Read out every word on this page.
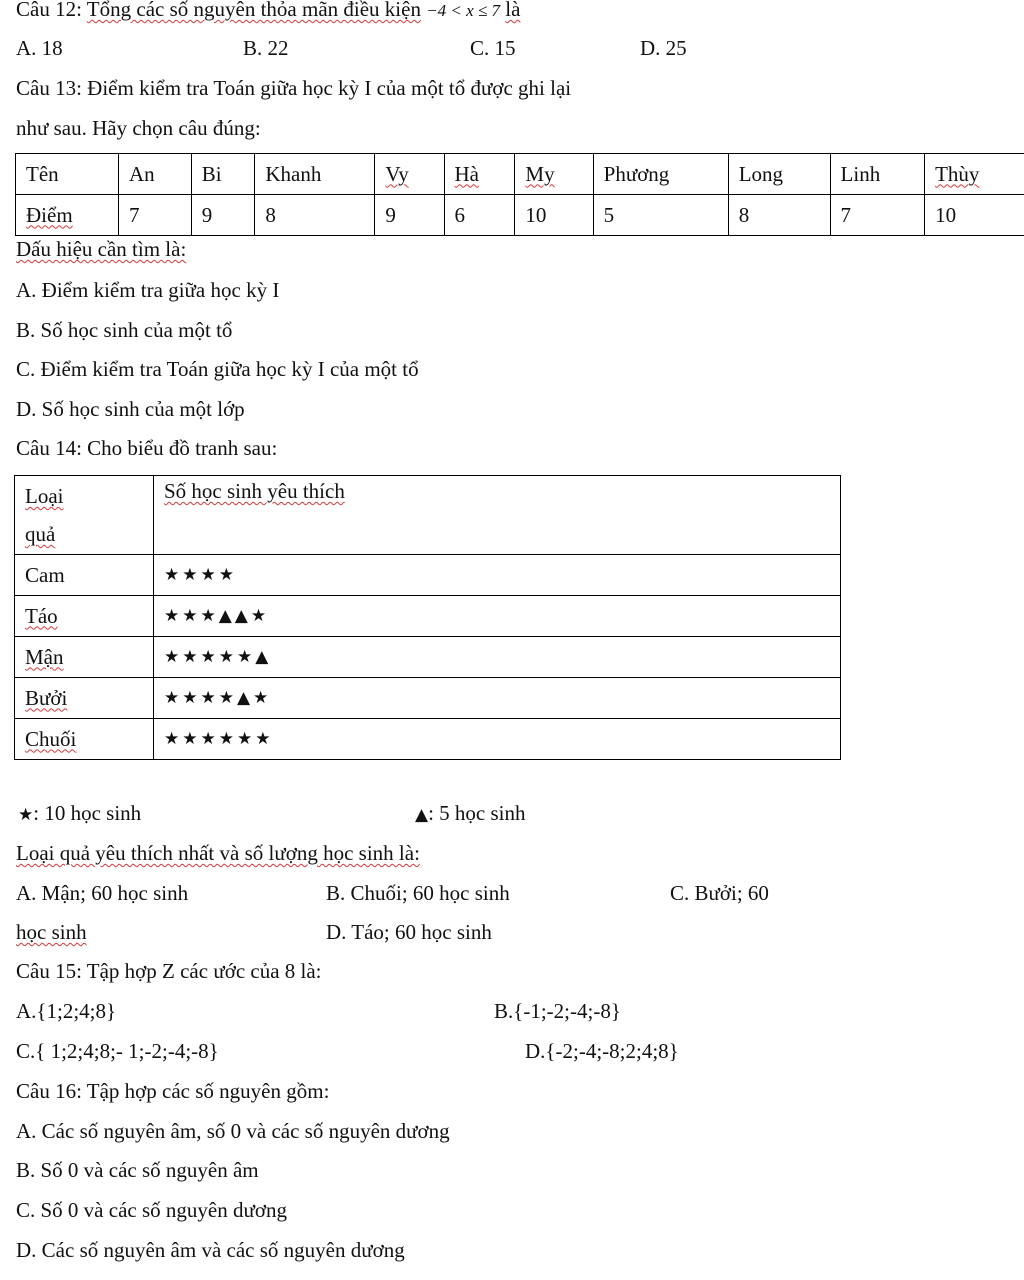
Câu 12: Tổng các số nguyên thỏa mãn điều kiện −4 < x ≤ 7 là
A. 18	B. 22	C. 15	D. 25
Câu 13: Điểm kiểm tra Toán giữa học kỳ I của một tổ được ghi lại
như sau. Hãy chọn câu đúng:
Tên	An	Bi	Khanh	Vy	Hà	My	Phương	Long	Linh	Thùy
Điểm	7	9	8	9	6	10	5	8	7	10
Dấu hiệu cần tìm là:
A. Điểm kiểm tra giữa học kỳ I
B. Số học sinh của một tổ
C. Điểm kiểm tra Toán giữa học kỳ I của một tổ
D. Số học sinh của một lớp
Câu 14: Cho biểu đồ tranh sau:
Loại
quả	Số học sinh yêu thích
Cam	★★★★
Táo	★★★▲▲★
Mận	★★★★★▲
Bưởi	★★★★▲★
Chuối	★★★★★★
★: 10 học sinh	▲: 5 học sinh
Loại quả yêu thích nhất và số lượng học sinh là:
A. Mận; 60 học sinh	B. Chuối; 60 học sinh	C. Bưởi; 60
học sinh	D. Táo; 60 học sinh
Câu 15: Tập hợp Z các ước của 8 là:
A.{1;2;4;8}	B.{-1;-2;-4;-8}
C.{ 1;2;4;8;- 1;-2;-4;-8}	D.{-2;-4;-8;2;4;8}
Câu 16: Tập hợp các số nguyên gồm:
A. Các số nguyên âm, số 0 và các số nguyên dương
B. Số 0 và các số nguyên âm
C. Số 0 và các số nguyên dương
D. Các số nguyên âm và các số nguyên dương
